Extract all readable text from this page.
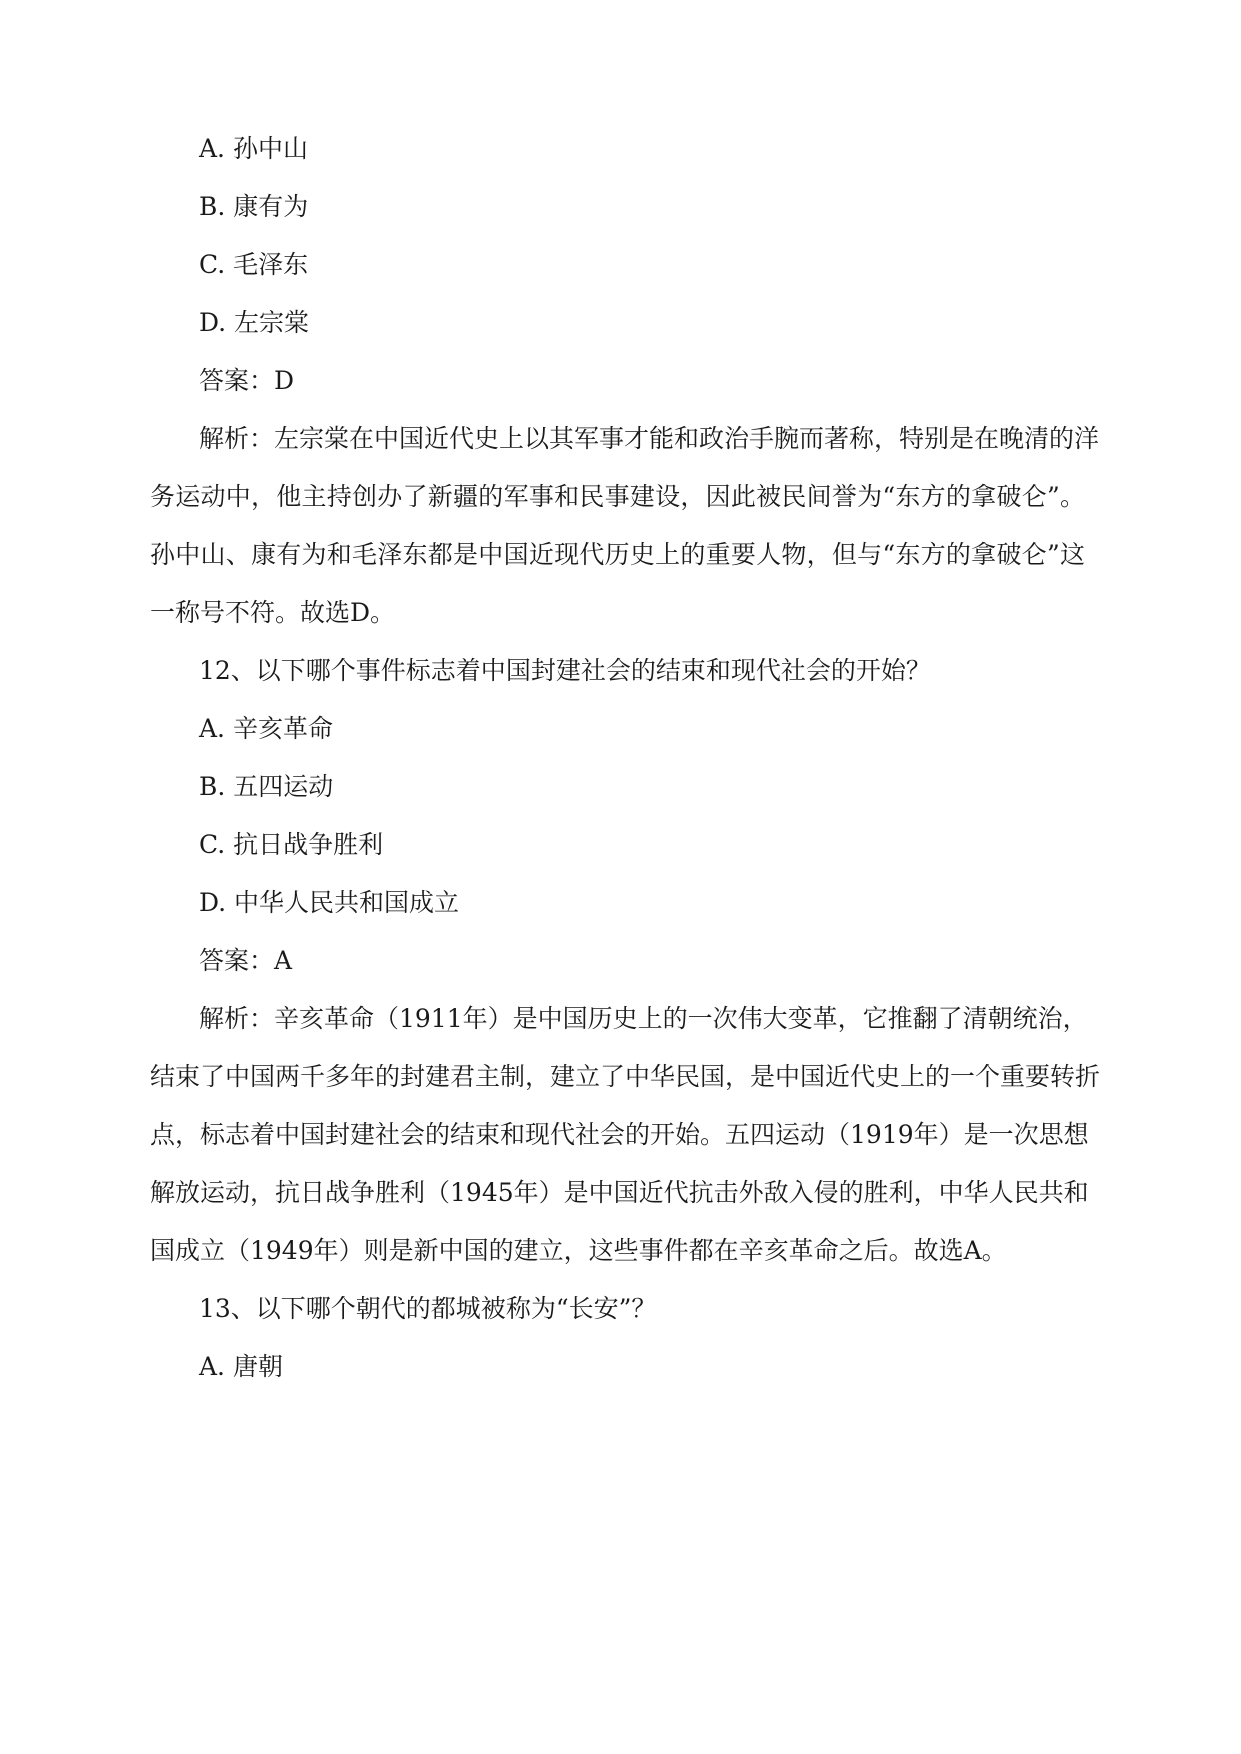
A. 孙中山
B. 康有为
C. 毛泽东
D. 左宗棠
答案：D
解析：左宗棠在中国近代史上以其军事才能和政治手腕而著称，特别是在晚清的洋
务运动中，他主持创办了新疆的军事和民事建设，因此被民间誉为“东方的拿破仑”。
孙中山、康有为和毛泽东都是中国近现代历史上的重要人物，但与“东方的拿破仑”这
一称号不符。故选D。
12、以下哪个事件标志着中国封建社会的结束和现代社会的开始？
A. 辛亥革命
B. 五四运动
C. 抗日战争胜利
D. 中华人民共和国成立
答案：A
解析：辛亥革命（1911年）是中国历史上的一次伟大变革，它推翻了清朝统治，
结束了中国两千多年的封建君主制，建立了中华民国，是中国近代史上的一个重要转折
点，标志着中国封建社会的结束和现代社会的开始。五四运动（1919年）是一次思想
解放运动，抗日战争胜利（1945年）是中国近代抗击外敌入侵的胜利，中华人民共和
国成立（1949年）则是新中国的建立，这些事件都在辛亥革命之后。故选A。
13、以下哪个朝代的都城被称为“长安”？
A. 唐朝
